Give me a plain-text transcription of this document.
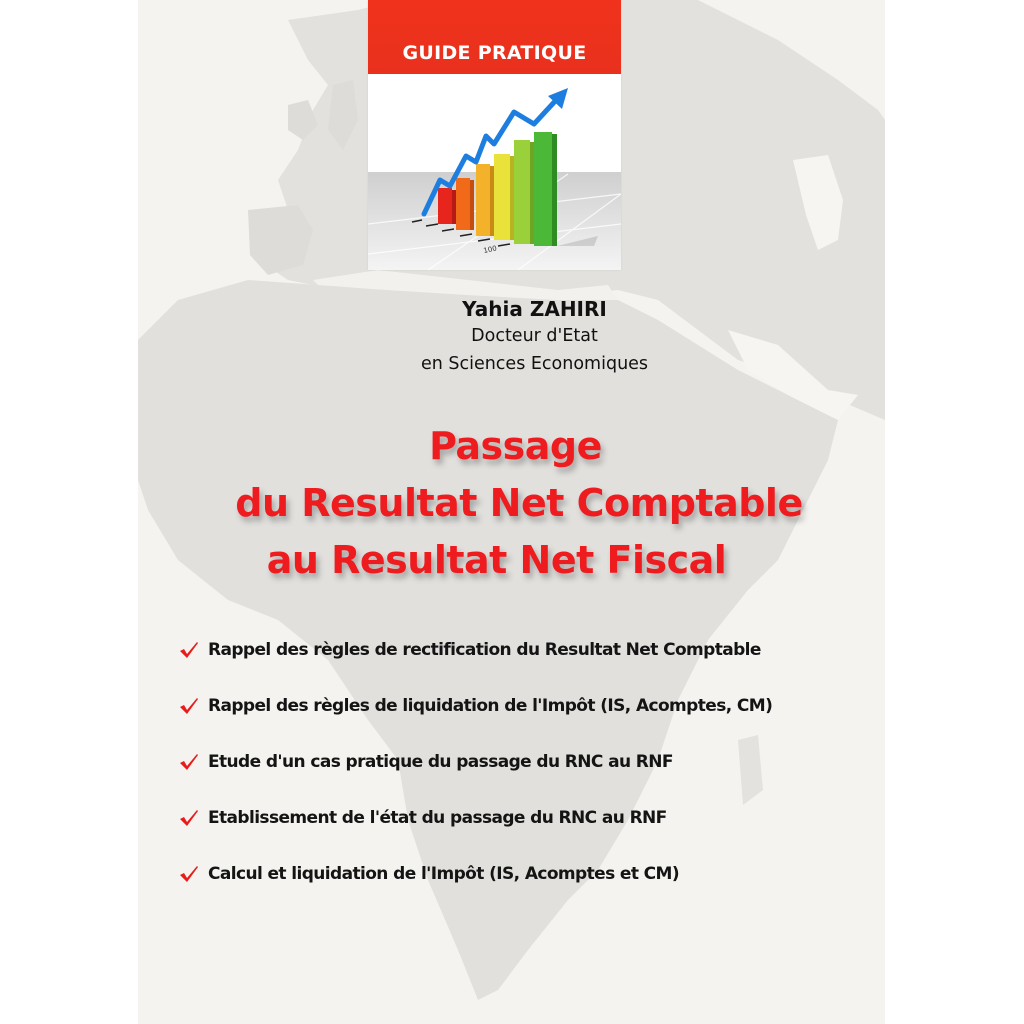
GUIDE PRATIQUE
100
Yahia ZAHIRI
Docteur d'Etat
en Sciences Economiques
Passage
du Resultat Net Comptable
au Resultat Net Fiscal
Rappel des règles de rectification du Resultat Net Comptable
Rappel des règles de liquidation de l'Impôt (IS, Acomptes, CM)
Etude d'un cas pratique du passage du RNC au RNF
Etablissement de l'état du passage du RNC au RNF
Calcul et liquidation de l'Impôt (IS, Acomptes et CM)
